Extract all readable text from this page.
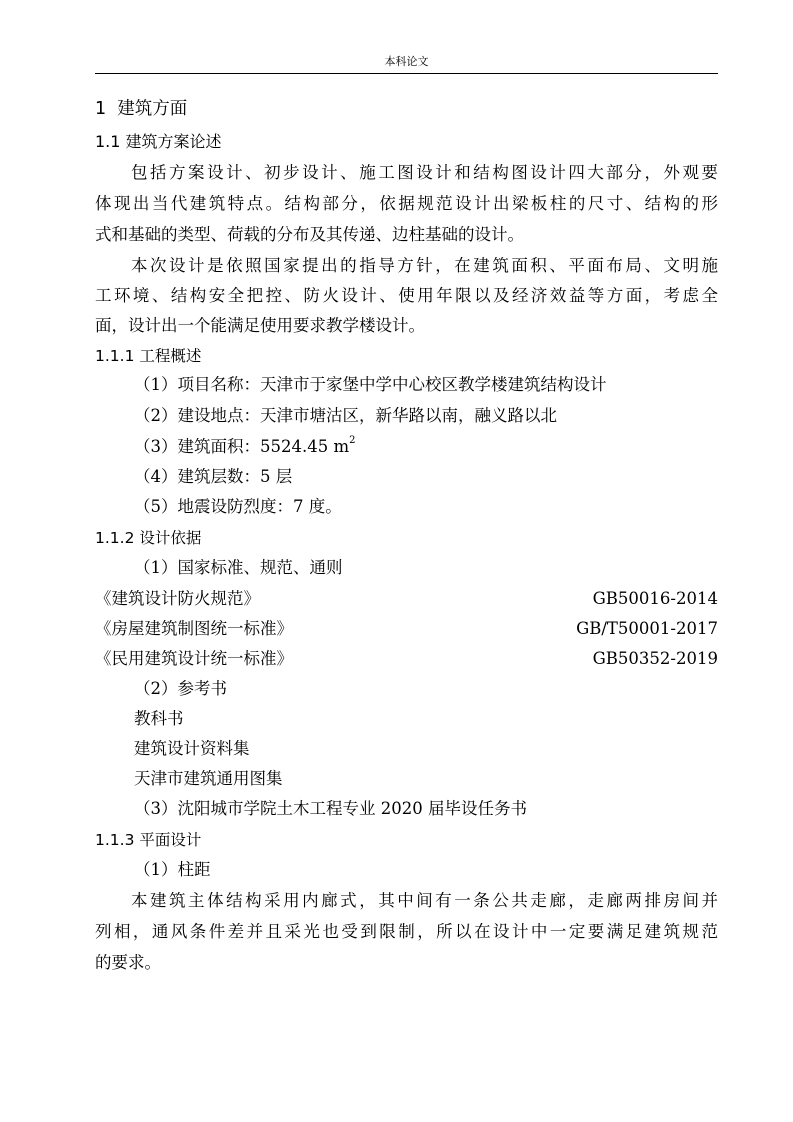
本科论文
1 建筑方面
1.1 建筑方案论述
包括方案设计、初步设计、施工图设计和结构图设计四大部分，外观要
体现出当代建筑特点。结构部分，依据规范设计出梁板柱的尺寸、结构的形
式和基础的类型、荷载的分布及其传递、边柱基础的设计。
本次设计是依照国家提出的指导方针，在建筑面积、平面布局、文明施
工环境、结构安全把控、防火设计、使用年限以及经济效益等方面，考虑全
面，设计出一个能满足使用要求教学楼设计。
1.1.1 工程概述
（1）项目名称：天津市于家堡中学中心校区教学楼建筑结构设计
（2）建设地点：天津市塘沽区，新华路以南，融义路以北
（3）建筑面积：5524.45 $m^2$
（4）建筑层数：5 层
（5）地震设防烈度：7 度。
1.1.2 设计依据
（1）国家标准、规范、通则
《建筑设计防火规范》	GB50016-2014
《房屋建筑制图统一标准》	GB/T50001-2017
《民用建筑设计统一标准》	GB50352-2019
（2）参考书
教科书
建筑设计资料集
天津市建筑通用图集
（3）沈阳城市学院土木工程专业 2020 届毕设任务书
1.1.3 平面设计
（1）柱距
本建筑主体结构采用内廊式，其中间有一条公共走廊，走廊两排房间并
列相，通风条件差并且采光也受到限制，所以在设计中一定要满足建筑规范
的要求。
